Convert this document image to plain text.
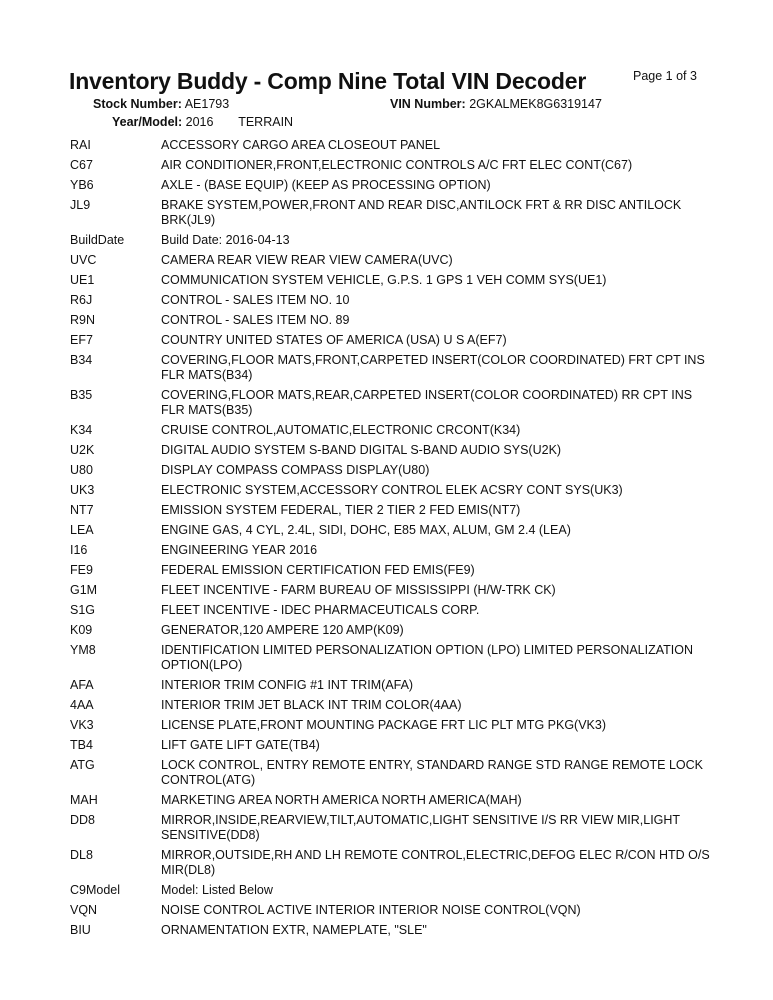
Inventory Buddy - Comp Nine Total VIN Decoder	Page 1 of 3
Stock Number: AE1793	VIN Number: 2GKALMEK8G6319147
Year/Model: 2016 TERRAIN
RAI	ACCESSORY CARGO AREA CLOSEOUT PANEL
C67	AIR CONDITIONER,FRONT,ELECTRONIC CONTROLS A/C FRT ELEC CONT(C67)
YB6	AXLE - (BASE EQUIP) (KEEP AS PROCESSING OPTION)
JL9	BRAKE SYSTEM,POWER,FRONT AND REAR DISC,ANTILOCK FRT & RR DISC ANTILOCK BRK(JL9)
BuildDate	Build Date: 2016-04-13
UVC	CAMERA REAR VIEW REAR VIEW CAMERA(UVC)
UE1	COMMUNICATION SYSTEM VEHICLE, G.P.S. 1 GPS 1 VEH COMM SYS(UE1)
R6J	CONTROL - SALES ITEM NO. 10
R9N	CONTROL - SALES ITEM NO. 89
EF7	COUNTRY UNITED STATES OF AMERICA (USA) U S A(EF7)
B34	COVERING,FLOOR MATS,FRONT,CARPETED INSERT(COLOR COORDINATED) FRT CPT INS FLR MATS(B34)
B35	COVERING,FLOOR MATS,REAR,CARPETED INSERT(COLOR COORDINATED) RR CPT INS FLR MATS(B35)
K34	CRUISE CONTROL,AUTOMATIC,ELECTRONIC CRCONT(K34)
U2K	DIGITAL AUDIO SYSTEM S-BAND DIGITAL S-BAND AUDIO SYS(U2K)
U80	DISPLAY COMPASS COMPASS DISPLAY(U80)
UK3	ELECTRONIC SYSTEM,ACCESSORY CONTROL ELEK ACSRY CONT SYS(UK3)
NT7	EMISSION SYSTEM FEDERAL, TIER 2 TIER 2 FED EMIS(NT7)
LEA	ENGINE GAS, 4 CYL, 2.4L, SIDI, DOHC, E85 MAX, ALUM, GM 2.4 (LEA)
I16	ENGINEERING YEAR 2016
FE9	FEDERAL EMISSION CERTIFICATION FED EMIS(FE9)
G1M	FLEET INCENTIVE - FARM BUREAU OF MISSISSIPPI (H/W-TRK CK)
S1G	FLEET INCENTIVE - IDEC PHARMACEUTICALS CORP.
K09	GENERATOR,120 AMPERE 120 AMP(K09)
YM8	IDENTIFICATION LIMITED PERSONALIZATION OPTION (LPO) LIMITED PERSONALIZATION OPTION(LPO)
AFA	INTERIOR TRIM CONFIG #1 INT TRIM(AFA)
4AA	INTERIOR TRIM JET BLACK INT TRIM COLOR(4AA)
VK3	LICENSE PLATE,FRONT MOUNTING PACKAGE FRT LIC PLT MTG PKG(VK3)
TB4	LIFT GATE LIFT GATE(TB4)
ATG	LOCK CONTROL, ENTRY REMOTE ENTRY, STANDARD RANGE STD RANGE REMOTE LOCK CONTROL(ATG)
MAH	MARKETING AREA NORTH AMERICA NORTH AMERICA(MAH)
DD8	MIRROR,INSIDE,REARVIEW,TILT,AUTOMATIC,LIGHT SENSITIVE I/S RR VIEW MIR,LIGHT SENSITIVE(DD8)
DL8	MIRROR,OUTSIDE,RH AND LH REMOTE CONTROL,ELECTRIC,DEFOG ELEC R/CON HTD O/S MIR(DL8)
C9Model	Model: Listed Below
VQN	NOISE CONTROL ACTIVE INTERIOR INTERIOR NOISE CONTROL(VQN)
BIU	ORNAMENTATION EXTR, NAMEPLATE, "SLE"
